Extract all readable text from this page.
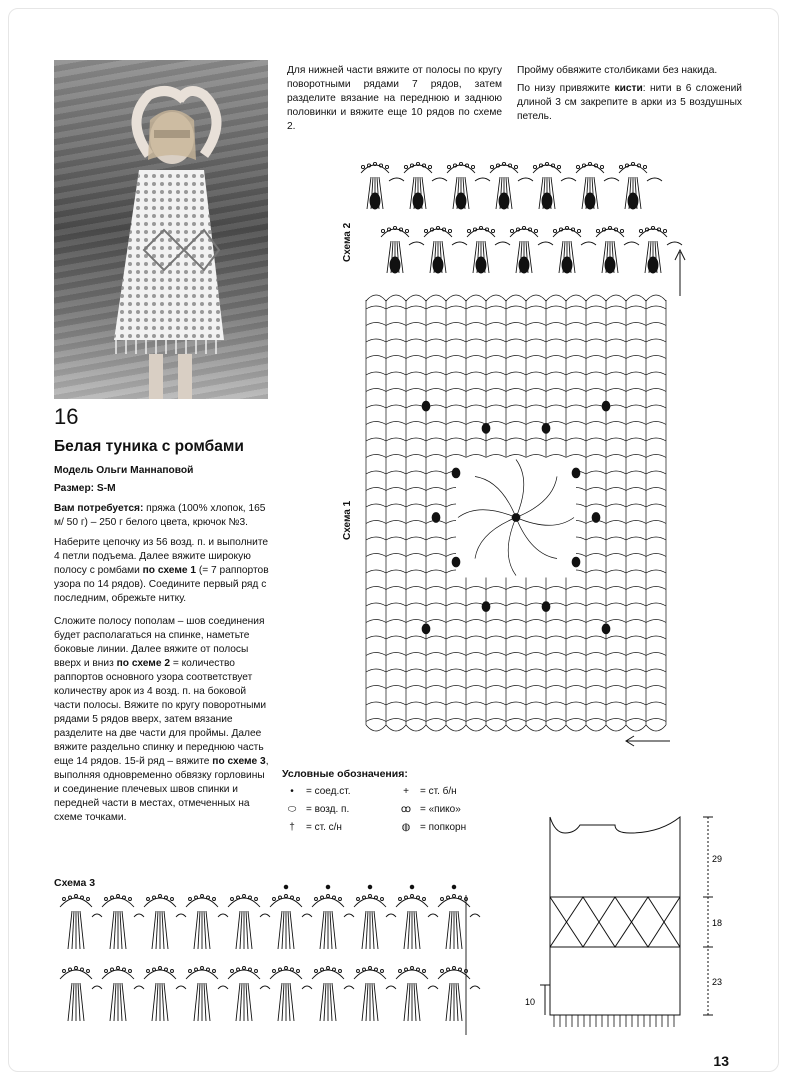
16
Белая туника с ромбами
Модель Ольги Маннаповой
Размер: S-M
Вам потребуется: пряжа (100% хлопок, 165 м/ 50 г) – 250 г белого цвета, крючок №3.
Наберите цепочку из 56 возд. п. и выполните 4 петли подъема. Далее вяжите широкую полосу с ромбами по схеме 1 (= 7 раппортов узора по 14 рядов). Соедините первый ряд с последним, обрежьте нитку.
Сложите полосу пополам – шов соединения будет располагаться на спинке, наметьте боковые линии. Далее вяжите от полосы вверх и вниз по схеме 2 = количество раппортов основного узора соответствует количеству арок из 4 возд. п. на боковой части полосы. Вяжите по кругу поворотными рядами 5 рядов вверх, затем вязание разделите на две части для проймы. Далее вяжите раздельно спинку и переднюю часть еще 14 рядов. 15-й ряд – вяжите по схеме 3, выполняя одновременно обвязку горловины и соединение плечевых швов спинки и передней части в местах, отмеченных на схеме точками.
Для нижней части вяжите от полосы по кругу поворотными рядами 7 рядов, затем разделите вязание на переднюю и заднюю половинки и вяжите еще 10 рядов по схеме 2.
Пройму обвяжите столбиками без накида.
По низу привяжите кисти: нити в 6 сложений длиной 3 см закрепите в арки из 5 воздушных петель.
Схема 2
Схема 1
Условные обозначения:
• = соед.ст.	+ = ст. б/н
⬭ = возд. п.	ꝏ = «пико»
† = ст. с/н	◍ = попкорн
Схема 3
29
18
23
10
13
